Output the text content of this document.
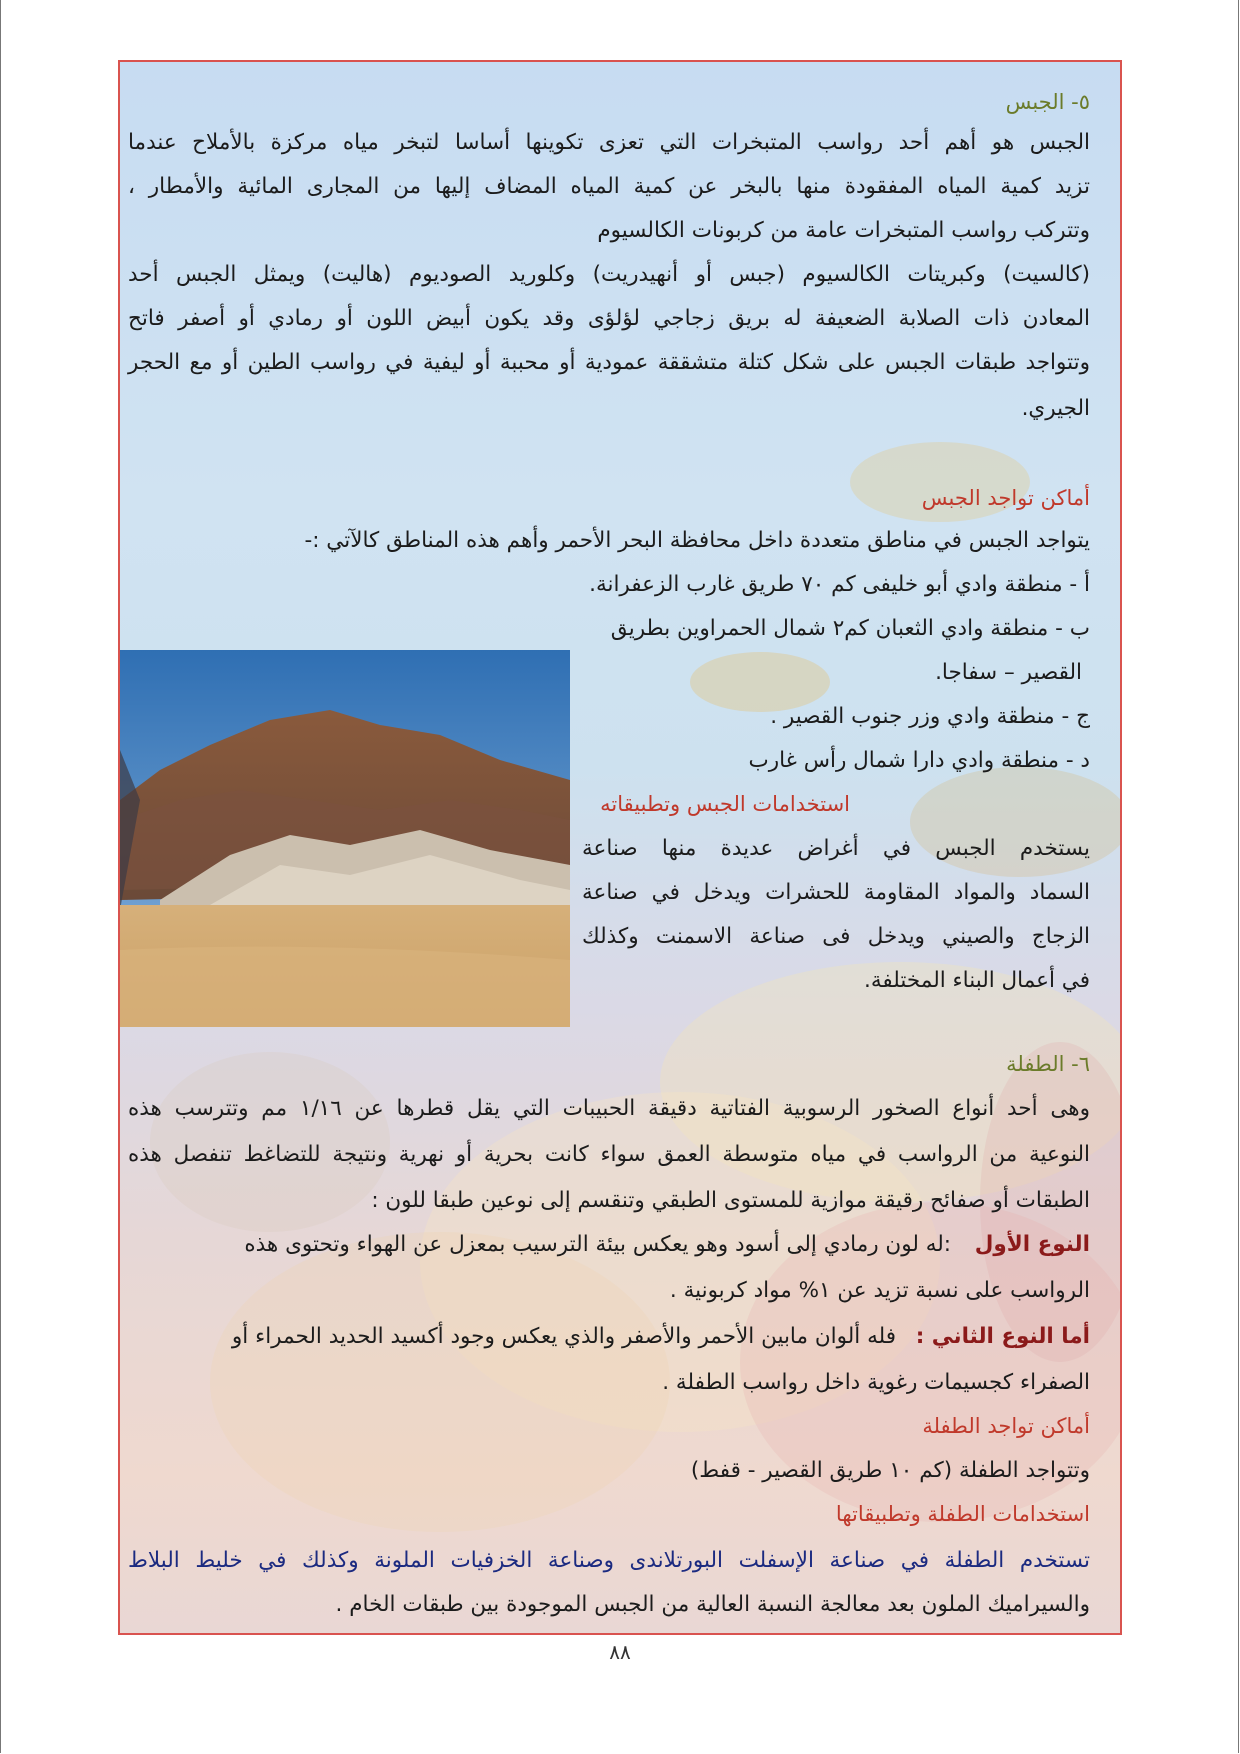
٥- الجبس
الجبس هو أهم أحد رواسب المتبخرات التي تعزى تكوينها أساسا لتبخر مياه مركزة بالأملاح عندما
تزيد كمية المياه المفقودة منها بالبخر عن كمية المياه المضاف إليها من المجارى المائية والأمطار ،
وتتركب رواسب المتبخرات عامة من كربونات الكالسيوم
(كالسيت) وكبريتات الكالسيوم (جبس أو أنهيدريت) وكلوريد الصوديوم (هاليت) ويمثل الجبس أحد
المعادن ذات الصلابة الضعيفة له بريق زجاجي لؤلؤى وقد يكون أبيض اللون أو رمادي أو أصفر فاتح
وتتواجد طبقات الجبس على شكل كتلة متشققة عمودية أو محببة أو ليفية في رواسب الطين أو مع الحجر
الجيري.
أماكن تواجد الجبس
يتواجد الجبس في مناطق متعددة داخل محافظة البحر الأحمر وأهم هذه المناطق كالآتي :-
أ - منطقة وادي أبو خليفى كم ٧٠ طريق غارب الزعفرانة.
ب - منطقة وادي الثعبان كم٢ شمال الحمراوين بطريق
القصير – سفاجا.
ج - منطقة وادي وزر جنوب القصير .
د - منطقة وادي دارا شمال رأس غارب
استخدامات الجبس وتطبيقاته
يستخدم الجبس في أغراض عديدة منها صناعة
السماد والمواد المقاومة للحشرات ويدخل في صناعة
الزجاج والصيني ويدخل فى صناعة الاسمنت وكذلك
في أعمال البناء المختلفة.
٦- الطفلة
وهى أحد أنواع الصخور الرسوبية الفتاتية دقيقة الحبيبات التي يقل قطرها عن ١/١٦ مم وتترسب هذه
النوعية من الرواسب في مياه متوسطة العمق سواء كانت بحرية أو نهرية ونتيجة للتضاغط تنفصل هذه
الطبقات أو صفائح رقيقة موازية للمستوى الطبقي وتنقسم إلى نوعين طبقا للون :
النوع الأول  :له لون رمادي إلى أسود وهو يعكس بيئة الترسيب بمعزل عن الهواء وتحتوى هذه
الرواسب على نسبة تزيد عن ١% مواد كربونية .
أما النوع الثاني :  فله ألوان مابين الأحمر والأصفر والذي يعكس وجود أكسيد الحديد الحمراء أو
الصفراء كجسيمات رغوية داخل رواسب الطفلة .
أماكن تواجد الطفلة
وتتواجد الطفلة (كم ١٠ طريق القصير - قفط)
استخدامات الطفلة وتطبيقاتها
تستخدم الطفلة في صناعة الإسفلت البورتلاندى وصناعة الخزفيات الملونة وكذلك في خليط البلاط
والسيراميك الملون بعد معالجة النسبة العالية من الجبس الموجودة بين طبقات الخام .
٨٨
